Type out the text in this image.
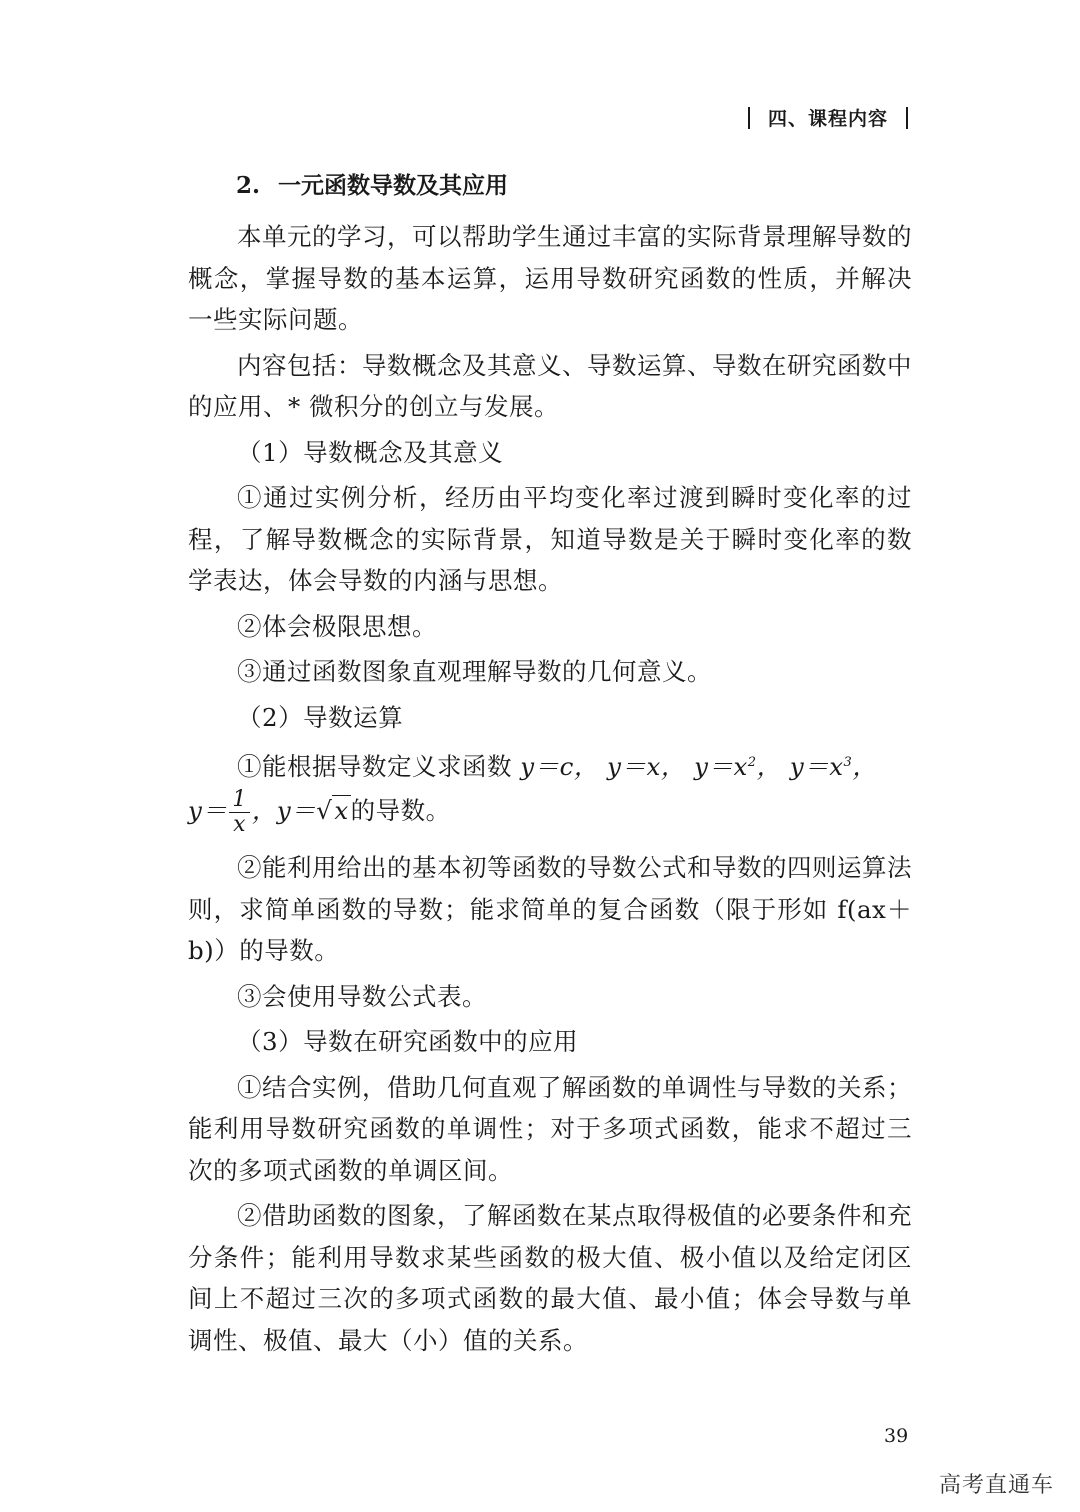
四、课程内容
2. 一元函数导数及其应用

本单元的学习，可以帮助学生通过丰富的实际背景理解导数的概念，掌握导数的基本运算，运用导数研究函数的性质，并解决一些实际问题。

内容包括：导数概念及其意义、导数运算、导数在研究函数中的应用、* 微积分的创立与发展。

（1）导数概念及其意义

①通过实例分析，经历由平均变化率过渡到瞬时变化率的过程，了解导数概念的实际背景，知道导数是关于瞬时变化率的数学表达，体会导数的内涵与思想。

②体会极限思想。

③通过函数图象直观理解导数的几何意义。

（2）导数运算

①能根据导数定义求函数 y＝c， y＝x， $y=x^2$， $y=x^3$，
$y= \frac{1}{x}$ ，y＝√x的导数。

②能利用给出的基本初等函数的导数公式和导数的四则运算法则，求简单函数的导数；能求简单的复合函数（限于形如 f(ax＋b)）的导数。

③会使用导数公式表。

（3）导数在研究函数中的应用

①结合实例，借助几何直观了解函数的单调性与导数的关系；能利用导数研究函数的单调性；对于多项式函数，能求不超过三次的多项式函数的单调区间。

②借助函数的图象，了解函数在某点取得极值的必要条件和充分条件；能利用导数求某些函数的极大值、极小值以及给定闭区间上不超过三次的多项式函数的最大值、最小值；体会导数与单调性、极值、最大（小）值的关系。

39
高考直通车
